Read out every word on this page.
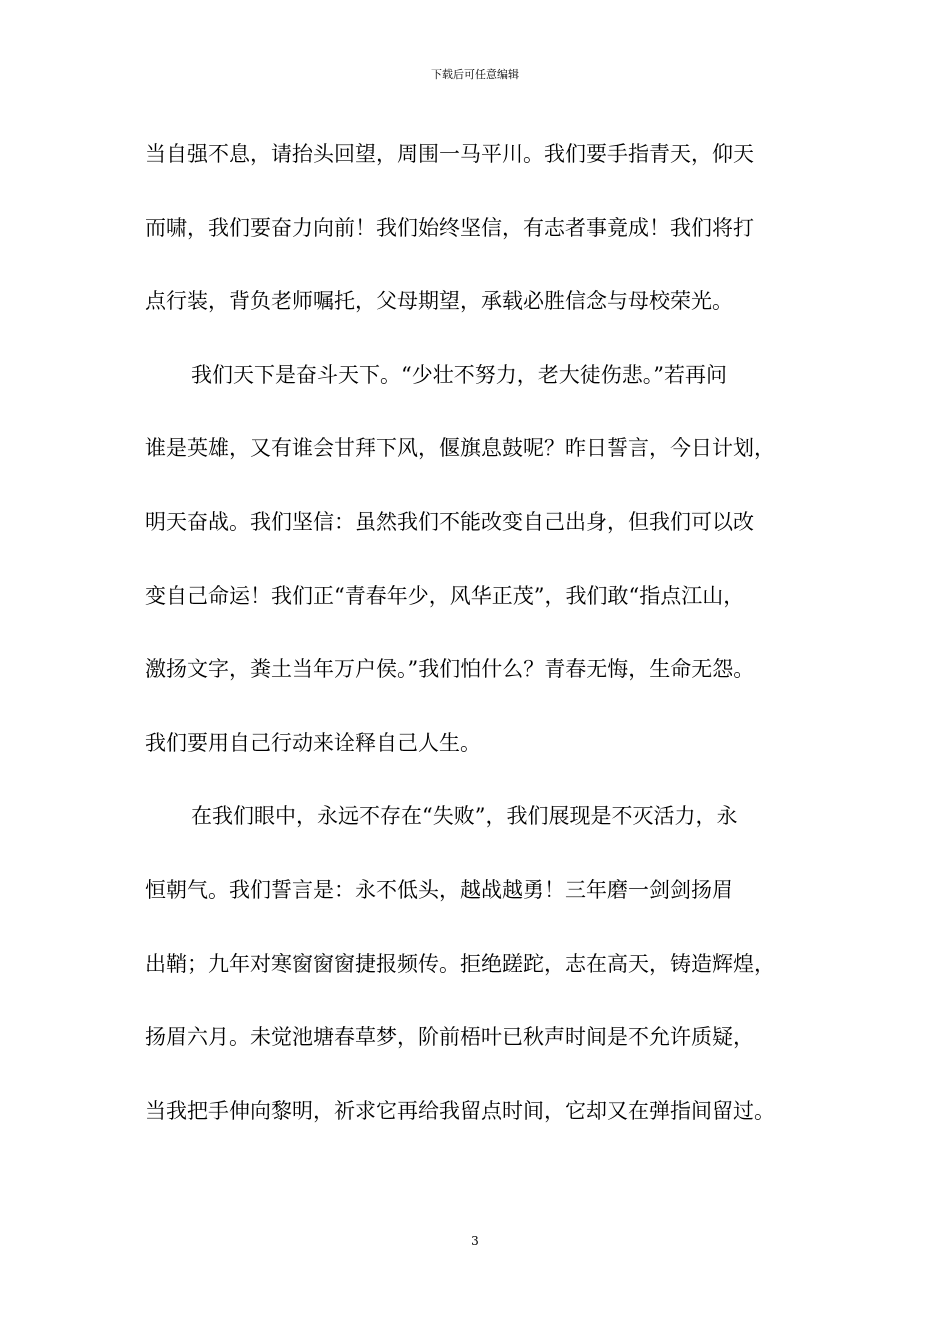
下载后可任意编辑
当自强不息，请抬头回望，周围一马平川。我们要手指青天，仰天
而啸，我们要奋力向前！我们始终坚信，有志者事竟成！我们将打
点行装，背负老师嘱托，父母期望，承载必胜信念与母校荣光。
我们天下是奋斗天下。“少壮不努力，老大徒伤悲。”若再问
谁是英雄，又有谁会甘拜下风，偃旗息鼓呢？昨日誓言，今日计划，
明天奋战。我们坚信：虽然我们不能改变自己出身，但我们可以改
变自己命运！我们正“青春年少，风华正茂”，我们敢“指点江山，
激扬文字，粪土当年万户侯。”我们怕什么？青春无悔，生命无怨。
我们要用自己行动来诠释自己人生。
在我们眼中，永远不存在“失败”，我们展现是不灭活力，永
恒朝气。我们誓言是：永不低头，越战越勇！三年磨一剑剑扬眉
出鞘；九年对寒窗窗窗捷报频传。拒绝蹉跎，志在高天，铸造辉煌，
扬眉六月。未觉池塘春草梦，阶前梧叶已秋声时间是不允许质疑，
当我把手伸向黎明，祈求它再给我留点时间，它却又在弹指间留过。
3
